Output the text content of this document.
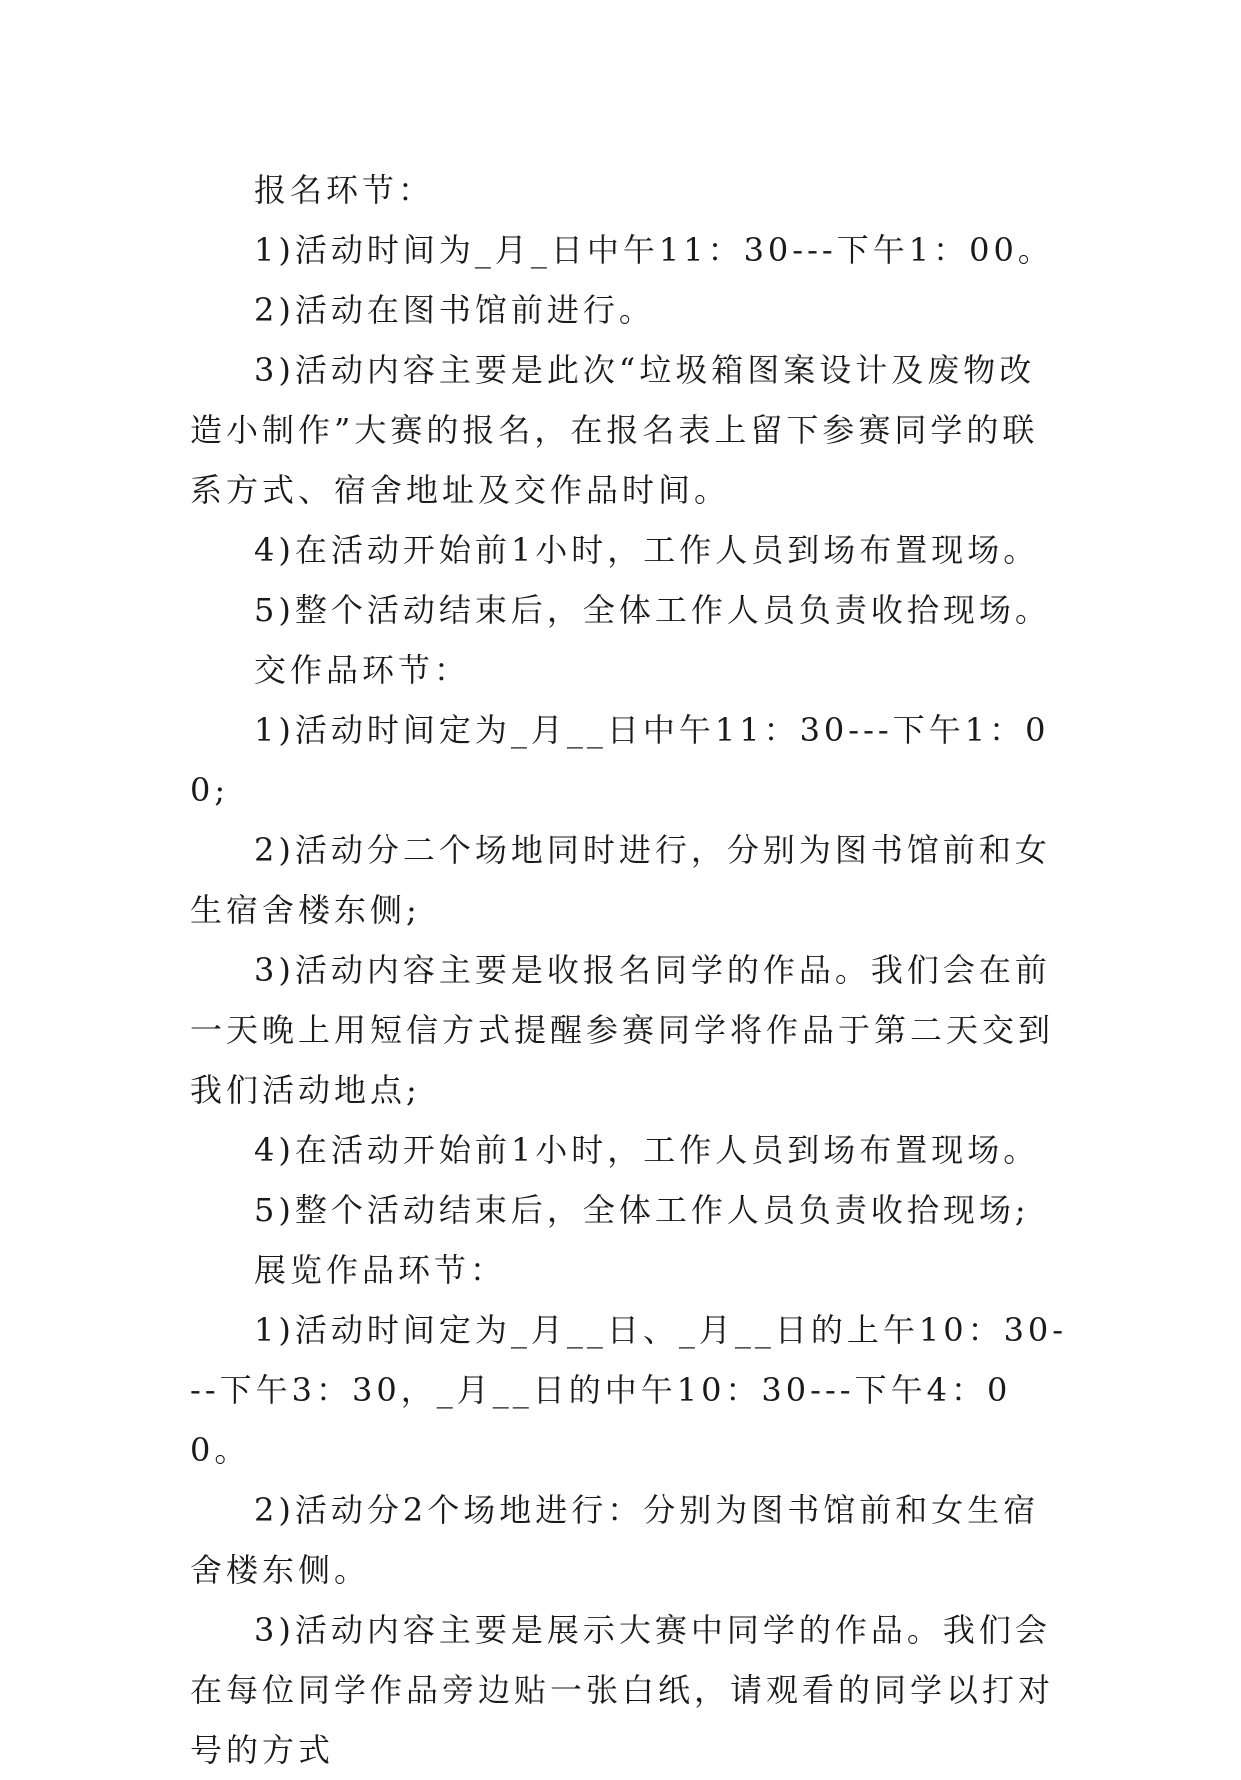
报名环节：

1)活动时间为_月_日中午11：30---下午1：00。

2)活动在图书馆前进行。

3)活动内容主要是此次“垃圾箱图案设计及废物改造小制作”大赛的报名，在报名表上留下参赛同学的联系方式、宿舍地址及交作品时间。

4)在活动开始前1小时，工作人员到场布置现场。

5)整个活动结束后，全体工作人员负责收拾现场。

交作品环节：

1)活动时间定为_月__日中午11：30---下午1：00;

2)活动分二个场地同时进行，分别为图书馆前和女生宿舍楼东侧;

3)活动内容主要是收报名同学的作品。我们会在前一天晚上用短信方式提醒参赛同学将作品于第二天交到我们活动地点;

4)在活动开始前1小时，工作人员到场布置现场。

5)整个活动结束后，全体工作人员负责收拾现场;

展览作品环节：

1)活动时间定为_月__日、_月__日的上午10：30---下午3：30，_月__日的中午10：30---下午4：00。

2)活动分2个场地进行：分别为图书馆前和女生宿舍楼东侧。

3)活动内容主要是展示大赛中同学的作品。我们会在每位同学作品旁边贴一张白纸，请观看的同学以打对号的方式
